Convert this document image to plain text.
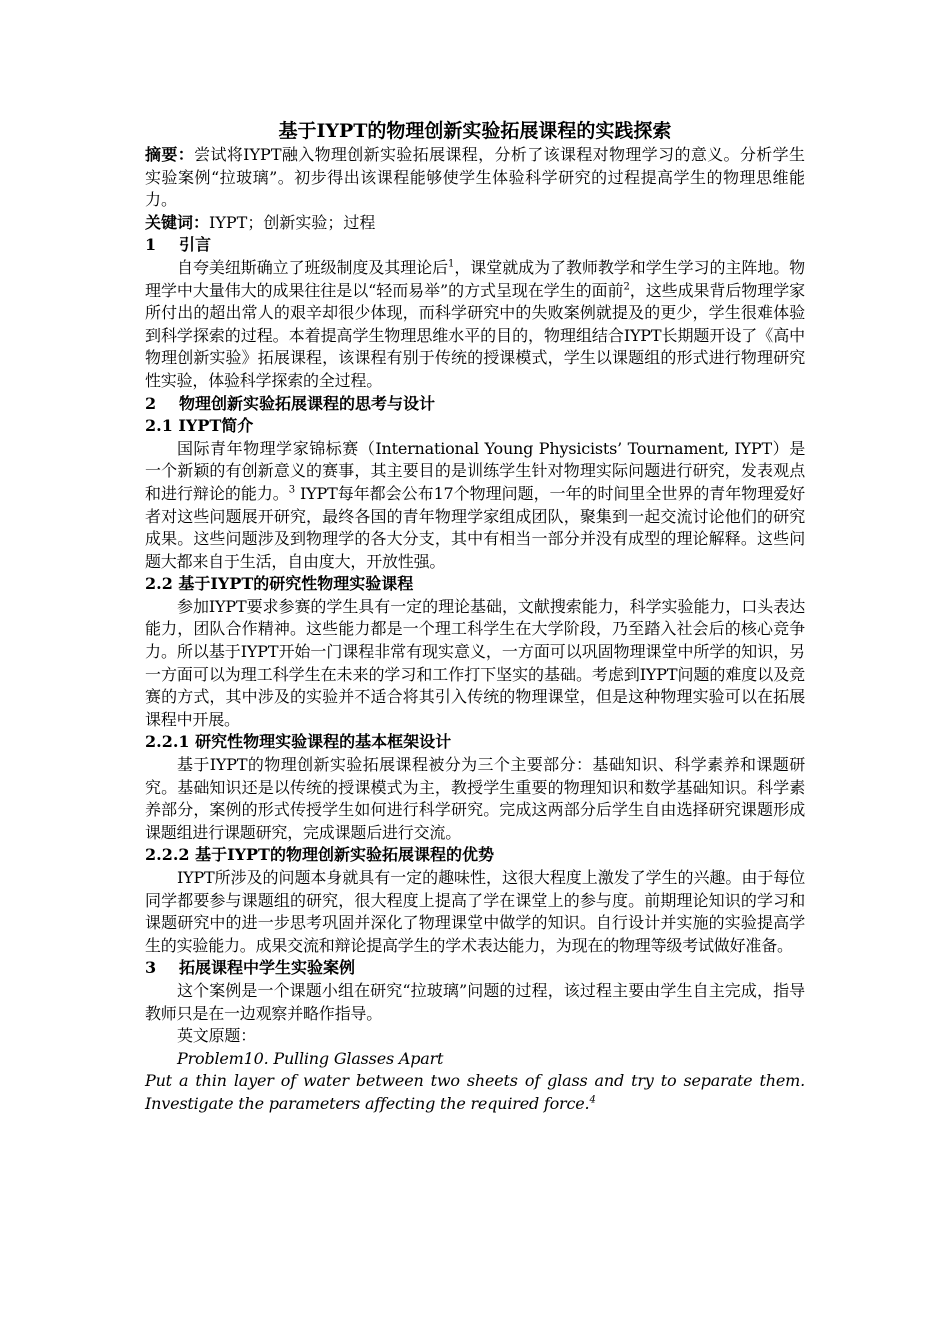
基于IYPT的物理创新实验拓展课程的实践探索

摘要：尝试将IYPT融入物理创新实验拓展课程，分析了该课程对物理学习的意义。分析学生实验案例“拉玻璃”。初步得出该课程能够使学生体验科学研究的过程提高学生的物理思维能力。

关键词：IYPT；创新实验；过程

1 引言

自夸美纽斯确立了班级制度及其理论后$^1$，课堂就成为了教师教学和学生学习的主阵地。物理学中大量伟大的成果往往是以“轻而易举”的方式呈现在学生的面前$^2$，这些成果背后物理学家所付出的超出常人的艰辛却很少体现，而科学研究中的失败案例就提及的更少，学生很难体验到科学探索的过程。本着提高学生物理思维水平的目的，物理组结合IYPT长期题开设了《高中物理创新实验》拓展课程，该课程有别于传统的授课模式，学生以课题组的形式进行物理研究性实验，体验科学探索的全过程。

2 物理创新实验拓展课程的思考与设计
2.1 IYPT简介

国际青年物理学家锦标赛（International Young Physicists’ Tournament, IYPT）是一个新颖的有创新意义的赛事，其主要目的是训练学生针对物理实际问题进行研究，发表观点和进行辩论的能力。$^3$ IYPT每年都会公布17个物理问题，一年的时间里全世界的青年物理爱好者对这些问题展开研究，最终各国的青年物理学家组成团队，聚集到一起交流讨论他们的研究成果。这些问题涉及到物理学的各大分支，其中有相当一部分并没有成型的理论解释。这些问题大都来自于生活，自由度大，开放性强。

2.2 基于IYPT的研究性物理实验课程

参加IYPT要求参赛的学生具有一定的理论基础，文献搜索能力，科学实验能力，口头表达能力，团队合作精神。这些能力都是一个理工科学生在大学阶段，乃至踏入社会后的核心竞争力。所以基于IYPT开始一门课程非常有现实意义，一方面可以巩固物理课堂中所学的知识，另一方面可以为理工科学生在未来的学习和工作打下坚实的基础。考虑到IYPT问题的难度以及竞赛的方式，其中涉及的实验并不适合将其引入传统的物理课堂，但是这种物理实验可以在拓展课程中开展。

2.2.1 研究性物理实验课程的基本框架设计

基于IYPT的物理创新实验拓展课程被分为三个主要部分：基础知识、科学素养和课题研究。基础知识还是以传统的授课模式为主，教授学生重要的物理知识和数学基础知识。科学素养部分，案例的形式传授学生如何进行科学研究。完成这两部分后学生自由选择研究课题形成课题组进行课题研究，完成课题后进行交流。

2.2.2 基于IYPT的物理创新实验拓展课程的优势

IYPT所涉及的问题本身就具有一定的趣味性，这很大程度上激发了学生的兴趣。由于每位同学都要参与课题组的研究，很大程度上提高了学在课堂上的参与度。前期理论知识的学习和课题研究中的进一步思考巩固并深化了物理课堂中做学的知识。自行设计并实施的实验提高学生的实验能力。成果交流和辩论提高学生的学术表达能力，为现在的物理等级考试做好准备。

3 拓展课程中学生实验案例

这个案例是一个课题小组在研究“拉玻璃”问题的过程，该过程主要由学生自主完成，指导教师只是在一边观察并略作指导。

英文原题：

Problem10. Pulling Glasses Apart

Put a thin layer of water between two sheets of glass and try to separate them. Investigate the parameters affecting the required force.$^4$
